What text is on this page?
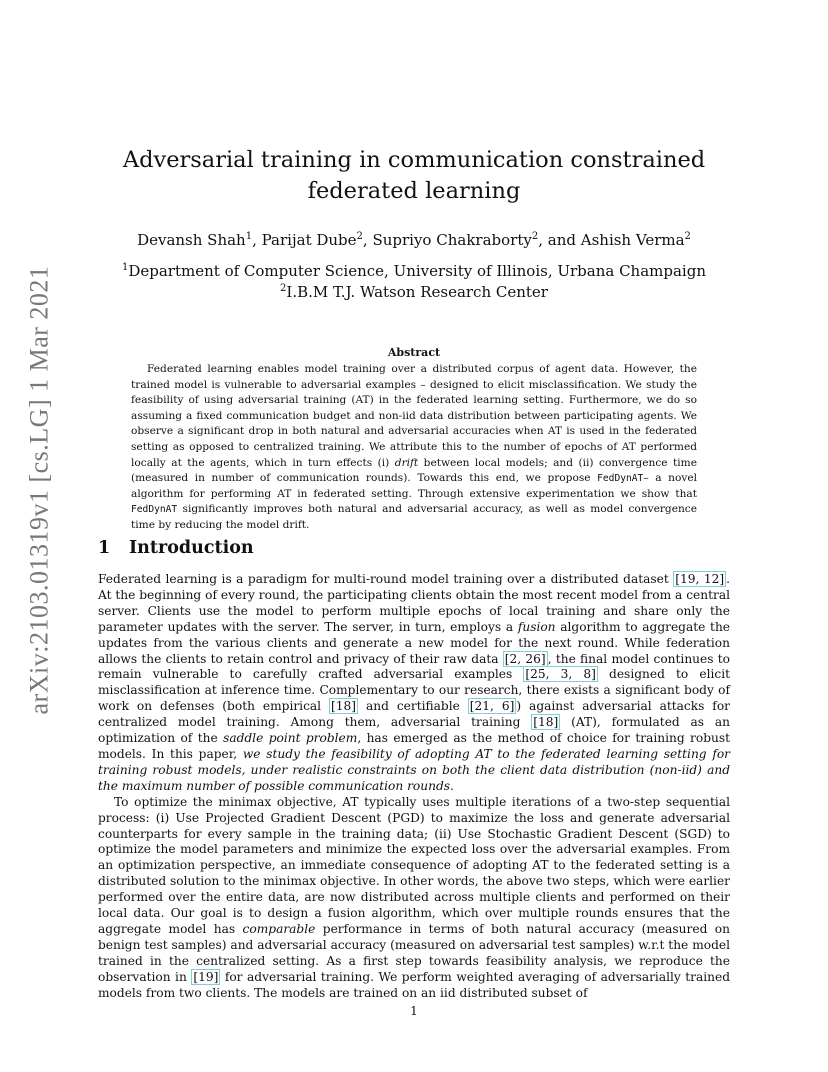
arXiv:2103.01319v1 [cs.LG] 1 Mar 2021
Adversarial training in communication constrained federated learning
Devansh Shah$^1$, Parijat Dube$^2$, Supriyo Chakraborty$^2$, and Ashish Verma$^2$
$^1$Department of Computer Science, University of Illinois, Urbana Champaign
$^2$I.B.M T.J. Watson Research Center
Abstract

Federated learning enables model training over a distributed corpus of agent data. However, the trained model is vulnerable to adversarial examples – designed to elicit misclassification. We study the feasibility of using adversarial training (AT) in the federated learning setting. Furthermore, we do so assuming a fixed communication budget and non-iid data distribution between participating agents. We observe a significant drop in both natural and adversarial accuracies when AT is used in the federated setting as opposed to centralized training. We attribute this to the number of epochs of AT performed locally at the agents, which in turn effects (i) drift between local models; and (ii) convergence time (measured in number of communication rounds). Towards this end, we propose FedDynAT– a novel algorithm for performing AT in federated setting. Through extensive experimentation we show that FedDynAT significantly improves both natural and adversarial accuracy, as well as model convergence time by reducing the model drift.

1 Introduction

Federated learning is a paradigm for multi-round model training over a distributed dataset [19, 12] . At the beginning of every round, the participating clients obtain the most recent model from a central server. Clients use the model to perform multiple epochs of local training and share only the parameter updates with the server. The server, in turn, employs a fusion algorithm to aggregate the updates from the various clients and generate a new model for the next round. While federation allows the clients to retain control and privacy of their raw data [2, 26] , the final model continues to remain vulnerable to carefully crafted adversarial examples [25, 3, 8] designed to elicit misclassification at inference time. Complementary to our research, there exists a significant body of work on defenses (both empirical [18] and certifiable [21, 6] ) against adversarial attacks for centralized model training. Among them, adversarial training [18] (AT), formulated as an optimization of the saddle point problem, has emerged as the method of choice for training robust models. In this paper, we study the feasibility of adopting AT to the federated learning setting for training robust models, under realistic constraints on both the client data distribution (non-iid) and the maximum number of possible communication rounds.

To optimize the minimax objective, AT typically uses multiple iterations of a two-step sequential process: (i) Use Projected Gradient Descent (PGD) to maximize the loss and generate adversarial counterparts for every sample in the training data; (ii) Use Stochastic Gradient Descent (SGD) to optimize the model parameters and minimize the expected loss over the adversarial examples. From an optimization perspective, an immediate consequence of adopting AT to the federated setting is a distributed solution to the minimax objective. In other words, the above two steps, which were earlier performed over the entire data, are now distributed across multiple clients and performed on their local data. Our goal is to design a fusion algorithm, which over multiple rounds ensures that the aggregate model has comparable performance in terms of both natural accuracy (measured on benign test samples) and adversarial accuracy (measured on adversarial test samples) w.r.t the model trained in the centralized setting. As a first step towards feasibility analysis, we reproduce the observation in [19] for adversarial training. We perform weighted averaging of adversarially trained models from two clients. The models are trained on an iid distributed subset of

1
